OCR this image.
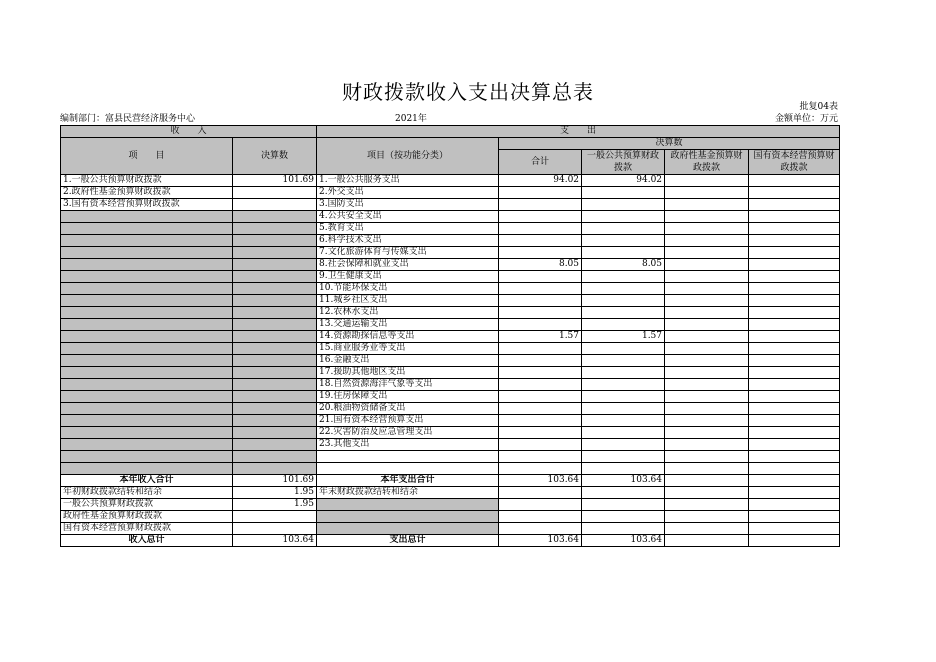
财政拨款收入支出决算总表
批复04表
编制部门：富县民营经济服务中心	2021年	金额单位：万元
收　　入		支　　出				
项　　目	决算数	项目（按功能分类）	决算数			
			合计	一般公共预算财政拨款	政府性基金预算财政拨款	国有资本经营预算财政拨款
1.一般公共预算财政拨款	101.69	1.一般公共服务支出	94.02	94.02		
2.政府性基金预算财政拨款		2.外交支出				
3.国有资本经营预算财政拨款		3.国防支出				
		4.公共安全支出				
		5.教育支出				
		6.科学技术支出				
		7.文化旅游体育与传媒支出				
		8.社会保障和就业支出	8.05	8.05		
		9.卫生健康支出				
		10.节能环保支出				
		11.城乡社区支出				
		12.农林水支出				
		13.交通运输支出				
		14.资源勘探信息等支出	1.57	1.57		
		15.商业服务业等支出				
		16.金融支出				
		17.援助其他地区支出				
		18.自然资源海洋气象等支出				
		19.住房保障支出				
		20.粮油物资储备支出				
		21.国有资本经营预算支出				
		22.灾害防治及应急管理支出				
		23.其他支出				

本年收入合计	101.69	本年支出合计	103.64	103.64		
年初财政拨款结转和结余	1.95	年末财政拨款结转和结余				
一般公共预算财政拨款	1.95					
政府性基金预算财政拨款						
国有资本经营预算财政拨款						
收入总计	103.64	支出总计	103.64	103.64		
